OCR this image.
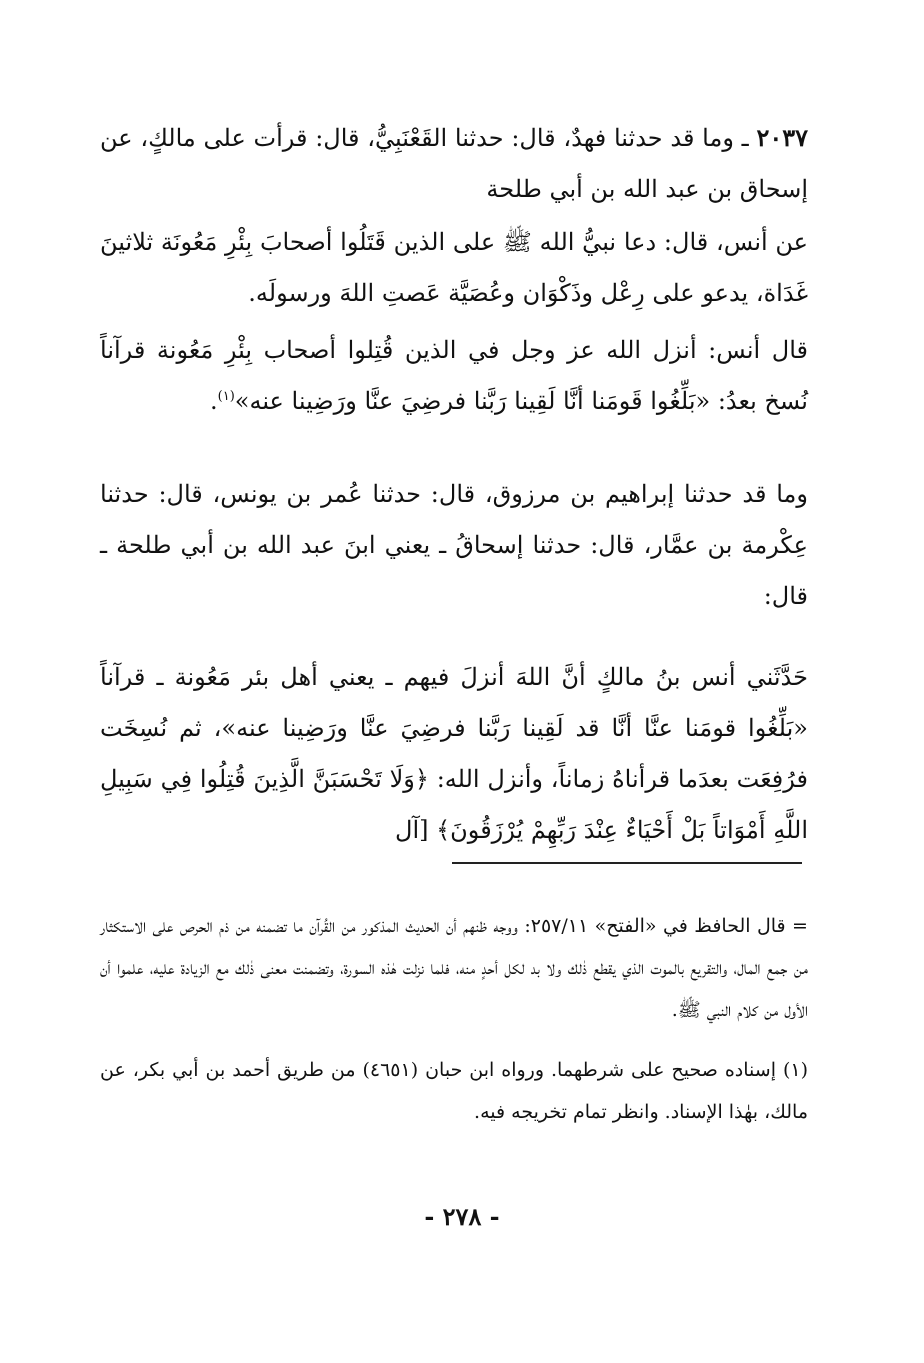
٢٠٣٧ ـ وما قد حدثنا فهدٌ، قال: حدثنا القَعْنَبِيُّ، قال: قرأت على مالكٍ، عن إسحاق بن عبد الله بن أبي طلحة

عن أنس، قال: دعا نبيُّ الله ﷺ على الذين قَتَلُوا أصحابَ بِئْرِ مَعُونَة ثلاثينَ غَدَاة، يدعو على رِعْل وذَكْوَان وعُصَيَّة عَصتِ اللهَ ورسولَه.

قال أنس: أنزل الله عز وجل في الذين قُتِلوا أصحاب بِئْرِ مَعُونة قرآناً نُسخ بعدُ: «بَلِّغُوا قَومَنا أنَّا لَقِينا رَبَّنا فرضِيَ عنَّا ورَضِينا عنه»$^{(١)}$.

وما قد حدثنا إبراهيم بن مرزوق، قال: حدثنا عُمر بن يونس، قال: حدثنا عِكْرمة بن عمَّار، قال: حدثنا إسحاقُ ـ يعني ابنَ عبد الله بن أبي طلحة ـ قال:

حَدَّثَني أنس بنُ مالكٍ أنَّ اللهَ أنزلَ فيهم ـ يعني أهل بئر مَعُونة ـ قرآناً «بَلِّغُوا قومَنا عنَّا أنَّا قد لَقِينا رَبَّنا فرضِيَ عنَّا ورَضِينا عنه»، ثم نُسِخَت فرُفِعَت بعدَما قرأناهُ زماناً، وأنزل الله: ﴿وَلَا تَحْسَبَنَّ الَّذِينَ قُتِلُوا فِي سَبِيلِ اللَّهِ أَمْوَاتاً بَلْ أَحْيَاءٌ عِنْدَ رَبِّهِمْ يُرْزَقُونَ﴾ [آل

= قال الحافظ في «الفتح» ٢٥٧/١١: ووجه ظنهم أن الحديث المذكور من القُرآن ما تضمنه من ذم الحرص على الاستكثار من جمع المال، والتقريع بالموت الذي يقطع ذٰلك ولا بد لكل أحدٍ منه، فلما نزلت هٰذه السورة، وتضمنت معنى ذٰلك مع الزيادة عليه، علموا أن الأول من كلام النبي ﷺ.

(١) إسناده صحيح على شرطهما. ورواه ابن حبان (٤٦٥١) من طريق أحمد بن أبي بكر، عن مالك، بهٰذا الإسناد. وانظر تمام تخريجه فيه.

- ٢٧٨ -
